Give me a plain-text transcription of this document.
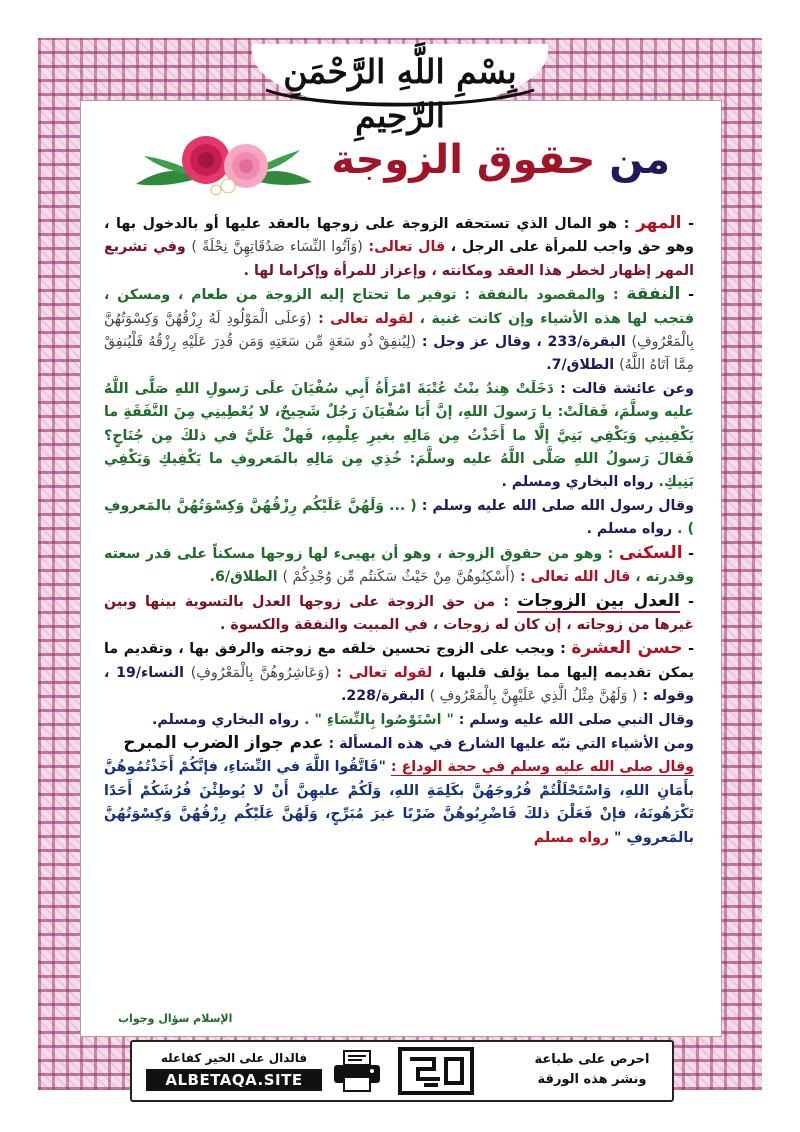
بِسْمِ اللَّهِ الرَّحْمَنِ الرَّحِيمِ
من حقوق الزوجة

- المهر : هو المال الذي تستحقه الزوجة على زوجها بالعقد عليها أو بالدخول بها ، وهو حق واجب للمرأة على الرجل ، قال تعالى: (وَآتُوا النِّسَاء صَدُقَاتِهِنَّ نِحْلَةً ) وفي تشريع المهر إظهار لخطر هذا العقد ومكانته ، وإعزاز للمرأة وإكراما لها .

- النفقة : والمقصود بالنفقة : توفير ما تحتاج إليه الزوجة من طعام ، ومسكن ، فتجب لها هذه الأشياء وإن كانت غنية ، لقوله تعالى : (وَعلَى الْمَوْلُودِ لَهُ رِزْقُهُنَّ وَكِسْوَتُهُنَّ بِالْمَعْرُوفِ) البقرة/233 ، وقال عز وجل : (لِيُنفِقْ ذُو سَعَةٍ مِّن سَعَتِهِ وَمَن قُدِرَ عَلَيْهِ رِزْقُهُ فَلْيُنفِقْ مِمَّا آتَاهُ اللَّهُ) الطلاق/7.

وعن عائشة قالت : دَخَلَتْ هِندُ بنْتُ عُتْبَةَ امْرَأَةُ أَبِي سُفْيَانَ علَى رَسولِ اللهِ صَلَّى اللَّهُ عليه وسلَّمَ، فَقالَتْ: يا رَسولَ اللهِ، إنَّ أَبَا سُفْيَانَ رَجُلٌ شَحِيحٌ، لا يُعْطِينِي مِنَ النَّفَقَةِ ما يَكْفِينِي وَيَكْفِي بَنِيَّ إلَّا ما أَخَذْتُ مِن مَالِهِ بغيرِ عِلْمِهِ، فَهلْ عَلَيَّ في ذلكَ مِن جُنَاحٍ؟ فَقالَ رَسولُ اللهِ صَلَّى اللَّهُ عليه وسلَّمَ: خُذِي مِن مَالِهِ بالمَعروفِ ما يَكْفِيكِ وَيَكْفِي بَنِيكِ. رواه البخاري ومسلم .

وقال رسول الله صلى الله عليه وسلم : ( ... وَلَهُنَّ عَلَيْكُم رِزْقُهُنَّ وَكِسْوَتُهُنَّ بالمَعروفِ ) . رواه مسلم .

- السكنى : وهو من حقوق الزوجة ، وهو أن يهيىء لها زوجها مسكناً على قدر سعته وقدرته ، قال الله تعالى : (أَسْكِنُوهُنَّ مِنْ حَيْثُ سَكَنتُم مِّن وُجْدِكُمْ ) الطلاق/6.

- العدل بين الزوجات : من حق الزوجة على زوجها العدل بالتسوية بينها وبين غيرها من زوجاته ، إن كان له زوجات ، في المبيت والنفقة والكسوة .

- حسن العشرة : ويجب على الزوج تحسين خلقه مع زوجته والرفق بها ، وتقديم ما يمكن تقديمه إليها مما يؤلف قلبها ، لقوله تعالى : (وَعَاشِرُوهُنَّ بِالْمَعْرُوفِ) النساء/19 ، وقوله : ( وَلَهُنَّ مِثْلُ الَّذِي عَلَيْهِنَّ بِالْمَعْرُوفِ ) البقرة/228.

وقال النبي صلى الله عليه وسلم : " اسْتَوْصُوا بِالنِّسَاءِ " . رواه البخاري ومسلم.

ومن الأشياء التي نبّه عليها الشارع في هذه المسألة : عدم جواز الضرب المبرح

وقال صلى الله عليه وسلم في حجة الوداع : "فَاتَّقُوا اللَّهَ في النِّسَاءِ، فإنَّكُمْ أَخَذْتُمُوهُنَّ بأَمَانِ اللهِ، وَاسْتَحْلَلْتُمْ فُرُوجَهُنَّ بكَلِمَةِ اللهِ، وَلَكُمْ عليهِنَّ أَنْ لا يُوطِئْنَ فُرُشَكُمْ أَحَدًا تَكْرَهُونَهُ، فإنْ فَعَلْنَ ذلكَ فَاضْرِبُوهُنَّ ضَرْبًا غيرَ مُبَرِّحٍ، وَلَهُنَّ عَلَيْكُم رِزْقُهُنَّ وَكِسْوَتُهُنَّ بالمَعروفِ " رواه مسلم

الإسلام سؤال وجواب
احرص على طباعة
ونشر هذه الورقة
فالدال على الخير كفاعله
ALBETAQA.SITE
